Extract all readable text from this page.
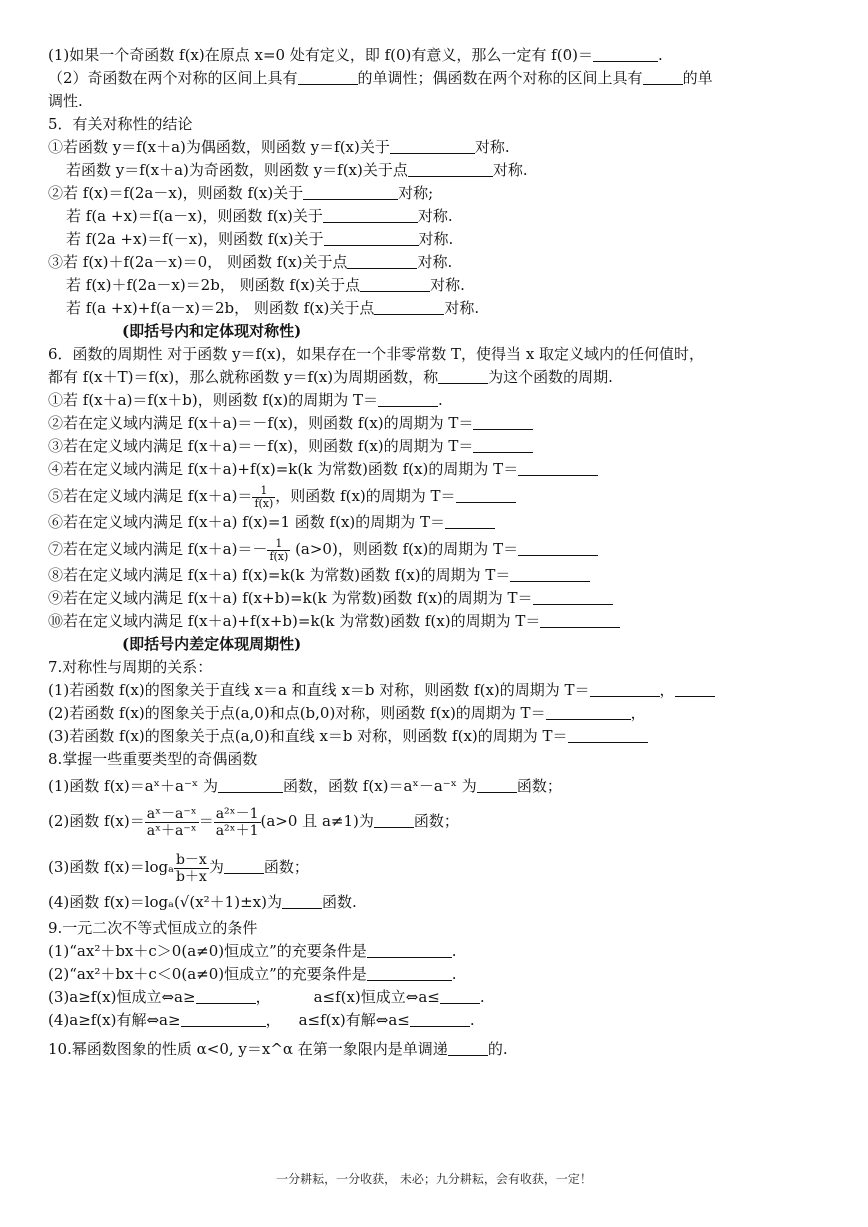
(1)如果一个奇函数 f(x)在原点 x=0 处有定义，即 f(0)有意义，那么一定有 f(0)＝	.
（2）奇函数在两个对称的区间上具有	的单调性；偶函数在两个对称的区间上具有	的单
调性.
5．有关对称性的结论
①若函数 y＝f(x＋a)为偶函数，则函数 y＝f(x)关于	对称.
若函数 y＝f(x＋a)为奇函数，则函数 y＝f(x)关于点	对称.
②若 f(x)＝f(2a－x)，则函数 f(x)关于	对称;
若 f(a +x)＝f(a－x)，则函数 f(x)关于	对称.
若 f(2a +x)＝f(－x)，则函数 f(x)关于	对称.
③若 f(x)＋f(2a－x)＝0， 则函数 f(x)关于点	对称.
若 f(x)＋f(2a－x)＝2b， 则函数 f(x)关于点	对称.
若 f(a +x)+f(a－x)＝2b， 则函数 f(x)关于点	对称.
(即括号内和定体现对称性)
6．函数的周期性 对于函数 y＝f(x)，如果存在一个非零常数 T，使得当 x 取定义域内的任何值时，
都有 f(x＋T)＝f(x)，那么就称函数 y＝f(x)为周期函数，称	为这个函数的周期.
①若 f(x＋a)＝f(x＋b)，则函数 f(x)的周期为 T＝	.
②若在定义域内满足 f(x＋a)＝－f(x)，则函数 f(x)的周期为 T＝
③若在定义域内满足 f(x＋a)＝－f(x)，则函数 f(x)的周期为 T＝
④若在定义域内满足 f(x＋a)+f(x)=k(k 为常数)函数 f(x)的周期为 T＝
⑤若在定义域内满足 $f(x+a)= \frac{1}{f(x)}$ ，则函数 f(x)的周期为 T＝
⑥若在定义域内满足 f(x＋a) f(x)=1 函数 f(x)的周期为 T＝
⑦若在定义域内满足 $f(x+a)=- \frac{1}{f(x)} (a>0)$，则函数 f(x)的周期为 T＝
⑧若在定义域内满足 f(x＋a) f(x)=k(k 为常数)函数 f(x)的周期为 T＝
⑨若在定义域内满足 f(x＋a) f(x+b)=k(k 为常数)函数 f(x)的周期为 T＝
⑩若在定义域内满足 f(x＋a)+f(x+b)=k(k 为常数)函数 f(x)的周期为 T＝
(即括号内差定体现周期性)
7.对称性与周期的关系：
(1)若函数 f(x)的图象关于直线 x＝a 和直线 x＝b 对称，则函数 f(x)的周期为 T＝	，
(2)若函数 f(x)的图象关于点(a,0)和点(b,0)对称，则函数 f(x)的周期为 T＝	，
(3)若函数 f(x)的图象关于点(a,0)和直线 x＝b 对称，则函数 f(x)的周期为 T＝
8.掌握一些重要类型的奇偶函数
(1)函数 f(x)＝aˣ＋a⁻ˣ 为	函数，函数 f(x)＝aˣ－a⁻ˣ 为	函数；
(2)函数 $f(x)= \frac{\text{aˣ－a⁻ˣ}}{\text{aˣ＋a⁻ˣ}} = \frac{\text{a²ˣ－1}}{\text{a²ˣ＋1}} (a>0$ 且 a≠1)为	函数；
(3)函数 $f(x)=\log_a \frac{b-x}{b+x}$ 为	函数；
(4)函数 f(x)＝logₐ(√(x²＋1)±x)为	函数.
9.一元二次不等式恒成立的条件
(1)“ax²＋bx＋c＞0(a≠0)恒成立”的充要条件是	.
(2)“ax²＋bx＋c＜0(a≠0)恒成立”的充要条件是	.
(3)a≥f(x)恒成立⇔a≥	，	a≤f(x)恒成立⇔a≤	.
(4)a≥f(x)有解⇔a≥	， a≤f(x)有解⇔a≤	.
10.幂函数图象的性质 α<0, y＝x^α 在第一象限内是单调递	的.
一分耕耘，一分收获， 未必；九分耕耘，会有收获，一定！
